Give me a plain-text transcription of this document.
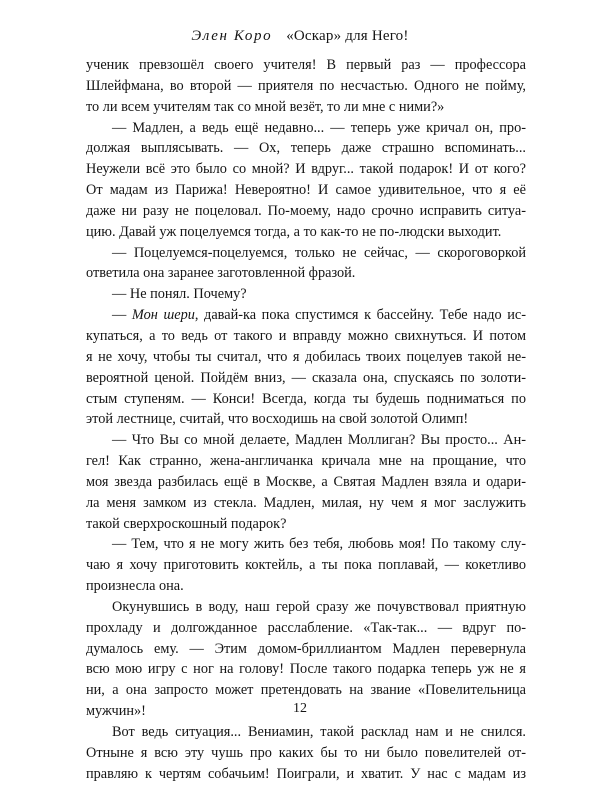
Элен Коро «Оскар» для Него!
ученик превзошёл своего учителя! В первый раз — профессора
Шлейфмана, во второй — приятеля по несчастью. Одного не пойму,
то ли всем учителям так со мной везёт, то ли мне с ними?»
— Мадлен, а ведь ещё недавно... — теперь уже кричал он, про-
должая выплясывать. — Ох, теперь даже страшно вспоминать...
Неужели всё это было со мной? И вдруг... такой подарок! И от кого?
От мадам из Парижа! Невероятно! И самое удивительное, что я её
даже ни разу не поцеловал. По-моему, надо срочно исправить ситуа-
цию. Давай уж поцелуемся тогда, а то как-то не по-людски выходит.
— Поцелуемся-поцелуемся, только не сейчас, — скороговоркой
ответила она заранее заготовленной фразой.
— Не понял. Почему?
— Мон шери, давай-ка пока спустимся к бассейну. Тебе надо ис-
купаться, а то ведь от такого и вправду можно свихнуться. И потом
я не хочу, чтобы ты считал, что я добилась твоих поцелуев такой не-
вероятной ценой. Пойдём вниз, — сказала она, спускаясь по золоти-
стым ступеням. — Конси! Всегда, когда ты будешь подниматься по
этой лестнице, считай, что восходишь на свой золотой Олимп!
— Что Вы со мной делаете, Мадлен Моллиган? Вы просто... Ан-
гел! Как странно, жена-англичанка кричала мне на прощание, что
моя звезда разбилась ещё в Москве, а Святая Мадлен взяла и одари-
ла меня замком из стекла. Мадлен, милая, ну чем я мог заслужить
такой сверхроскошный подарок?
— Тем, что я не могу жить без тебя, любовь моя! По такому слу-
чаю я хочу приготовить коктейль, а ты пока поплавай, — кокетливо
произнесла она.
Окунувшись в воду, наш герой сразу же почувствовал приятную
прохладу и долгожданное расслабление. «Так-так... — вдруг по-
думалось ему. — Этим домом-бриллиантом Мадлен перевернула
всю мою игру с ног на голову! После такого подарка теперь уж не я
ни, а она запросто может претендовать на звание «Повелительница
мужчин»!
Вот ведь ситуация... Вениамин, такой расклад нам и не снился.
Отныне я всю эту чушь про каких бы то ни было повелителей от-
правляю к чертям собачьим! Поиграли, и хватит. У нас с мадам из
12
